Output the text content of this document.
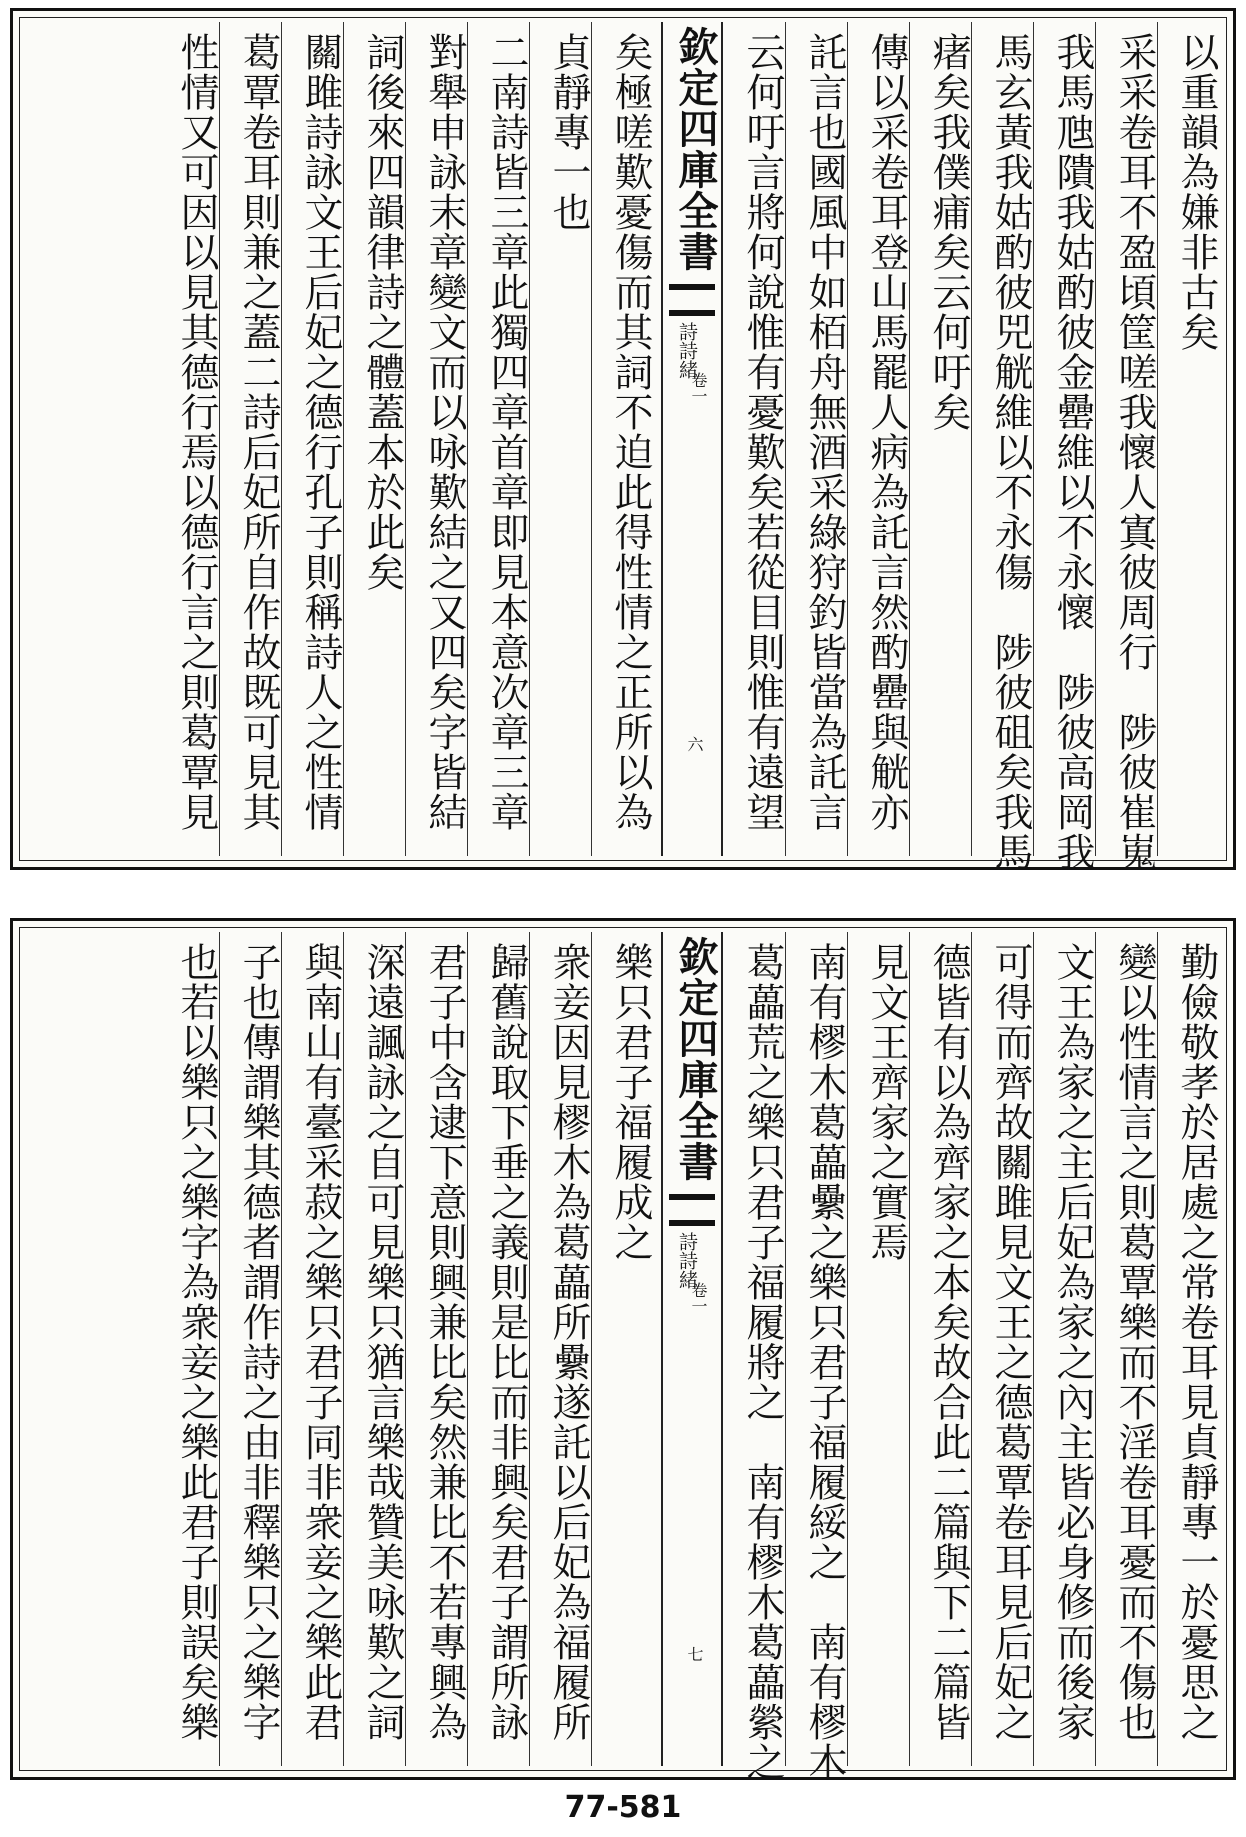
以重韻為嫌非古矣
采采卷耳不盈頃筐嗟我懷人寘彼周行　陟彼崔嵬
我馬虺隤我姑酌彼金罍維以不永懷　陟彼高岡我
馬玄黃我姑酌彼兕觥維以不永傷　陟彼砠矣我馬
瘏矣我僕痡矣云何吁矣
傳以采卷耳登山馬罷人病為託言然酌罍與觥亦
託言也國風中如栢舟無酒采綠狩釣皆當為託言
云何吁言將何說惟有憂歎矣若從目則惟有遠望
欽定四庫全書
詩詩緒
卷一
六
矣極嗟歎憂傷而其詞不迫此得性情之正所以為
貞靜專一也
二南詩皆三章此獨四章首章即見本意次章三章
對舉申詠末章變文而以咏歎結之又四矣字皆結
詞後來四韻律詩之體蓋本於此矣
關雎詩詠文王后妃之德行孔子則稱詩人之性情
葛覃卷耳則兼之蓋二詩后妃所自作故既可見其
性情又可因以見其德行焉以德行言之則葛覃見
勤儉敬孝於居處之常卷耳見貞靜專一於憂思之
變以性情言之則葛覃樂而不淫卷耳憂而不傷也
文王為家之主后妃為家之內主皆必身修而後家
可得而齊故關雎見文王之德葛覃卷耳見后妃之
德皆有以為齊家之本矣故合此二篇與下二篇皆
見文王齊家之實焉
南有樛木葛藟纍之樂只君子福履綏之　南有樛木
葛藟荒之樂只君子福履將之　南有樛木葛藟縈之
欽定四庫全書
詩詩緒
卷一
七
樂只君子福履成之
衆妾因見樛木為葛藟所纍遂託以后妃為福履所
歸舊說取下垂之義則是比而非興矣君子謂所詠
君子中含逮下意則興兼比矣然兼比不若專興為
深遠諷詠之自可見樂只猶言樂哉贊美咏歎之詞
與南山有臺采菽之樂只君子同非衆妾之樂此君
子也傳謂樂其德者謂作詩之由非釋樂只之樂字
也若以樂只之樂字為衆妾之樂此君子則誤矣樂
77-581
